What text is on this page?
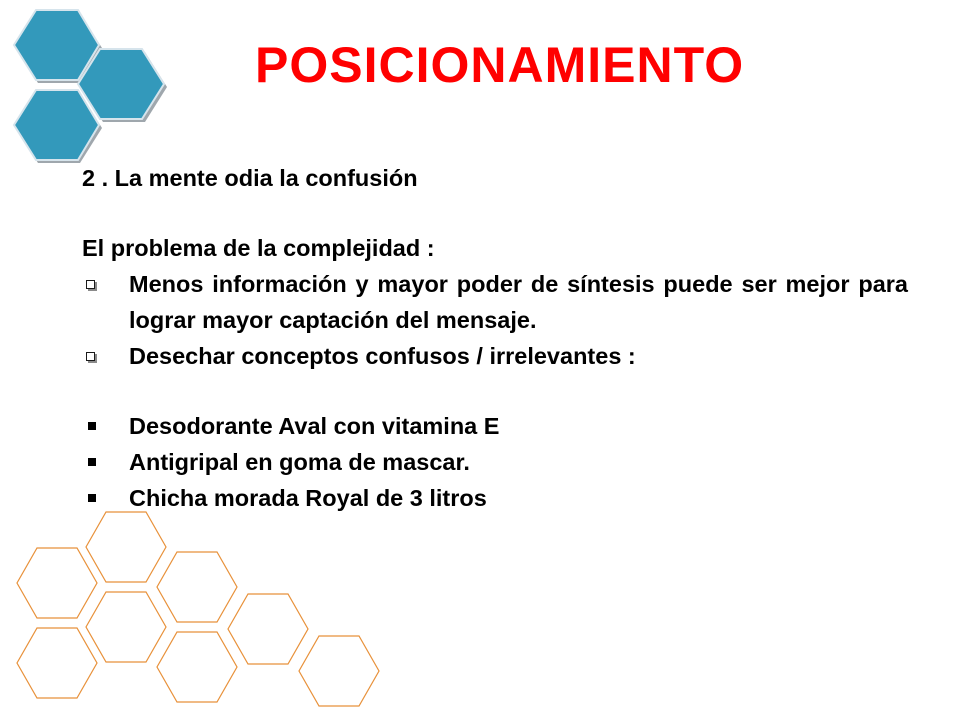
POSICIONAMIENTO

2 . La mente odia la confusión

El problema de la complejidad :

Menos información y mayor poder de síntesis puede ser mejor para lograr mayor captación del mensaje.
Desechar conceptos confusos / irrelevantes :
Desodorante Aval con vitamina E
Antigripal en goma de mascar.
Chicha morada Royal de 3 litros
